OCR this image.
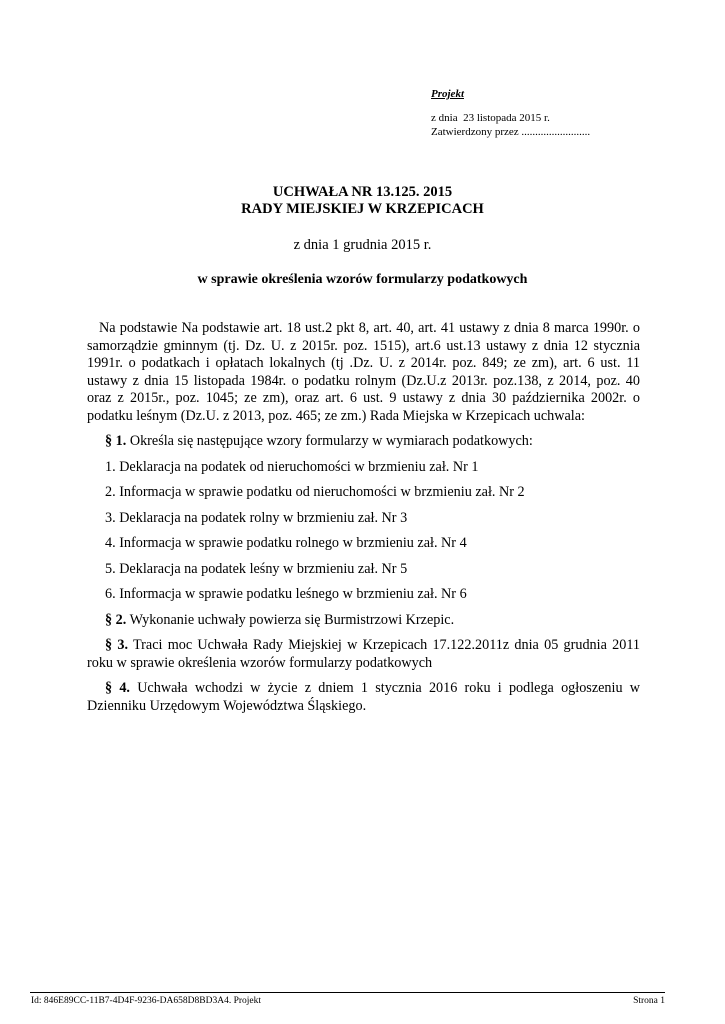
Projekt
z dnia  23 listopada 2015 r.
Zatwierdzony przez .........................
UCHWAŁA NR 13.125. 2015
RADY MIEJSKIEJ W KRZEPICACH
z dnia 1 grudnia 2015 r.
w sprawie określenia wzorów formularzy podatkowych

Na podstawie Na podstawie art. 18 ust.2 pkt 8, art. 40, art. 41 ustawy z dnia 8 marca 1990r. o samorządzie gminnym (tj. Dz. U. z 2015r. poz. 1515), art.6 ust.13 ustawy z dnia 12 stycznia 1991r. o podatkach i opłatach lokalnych (tj .Dz. U. z 2014r. poz. 849; ze zm), art. 6 ust. 11 ustawy z dnia 15 listopada 1984r. o podatku rolnym (Dz.U.z 2013r. poz.138, z 2014, poz. 40 oraz z 2015r., poz. 1045; ze zm), oraz art. 6 ust. 9 ustawy z dnia 30 października 2002r. o podatku leśnym (Dz.U. z 2013, poz. 465; ze zm.) Rada Miejska w Krzepicach uchwala:

§ 1. Określa się następujące wzory formularzy w wymiarach podatkowych:

1. Deklaracja na podatek od nieruchomości w brzmieniu zał. Nr 1

2. Informacja w sprawie podatku od nieruchomości w brzmieniu zał. Nr 2

3. Deklaracja na podatek rolny w brzmieniu zał. Nr 3

4. Informacja w sprawie podatku rolnego w brzmieniu zał. Nr 4

5. Deklaracja na podatek leśny w brzmieniu zał. Nr 5

6. Informacja w sprawie podatku leśnego w brzmieniu zał. Nr 6

§ 2. Wykonanie uchwały powierza się Burmistrzowi Krzepic.

§ 3. Traci moc Uchwała Rady Miejskiej w Krzepicach 17.122.2011z dnia 05 grudnia 2011 roku w sprawie określenia wzorów formularzy podatkowych

§ 4. Uchwała wchodzi w życie z dniem 1 stycznia 2016 roku i podlega ogłoszeniu w Dzienniku Urzędowym Województwa Śląskiego.

Id: 846E89CC-11B7-4D4F-9236-DA658D8BD3A4. Projekt	Strona 1
